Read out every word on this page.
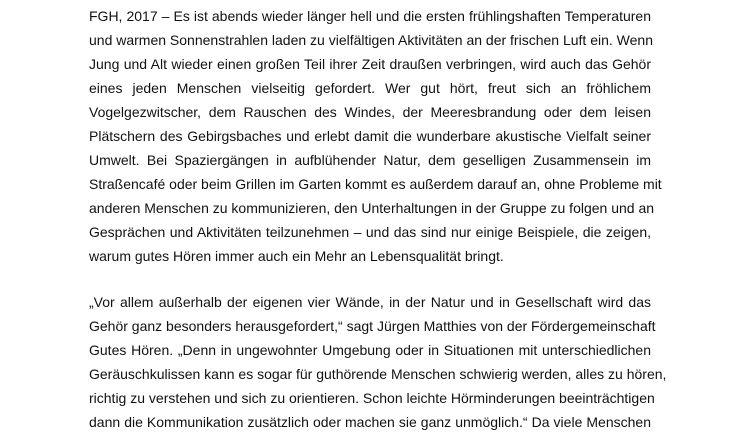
FGH, 2017 – Es ist abends wieder länger hell und die ersten frühlingshaften Temperaturen
und warmen Sonnenstrahlen laden zu vielfältigen Aktivitäten an der frischen Luft ein. Wenn
Jung und Alt wieder einen großen Teil ihrer Zeit draußen verbringen, wird auch das Gehör
eines jeden Menschen vielseitig gefordert. Wer gut hört, freut sich an fröhlichem
Vogelgezwitscher, dem Rauschen des Windes, der Meeresbrandung oder dem leisen
Plätschern des Gebirgsbaches und erlebt damit die wunderbare akustische Vielfalt seiner
Umwelt. Bei Spaziergängen in aufblühender Natur, dem geselligen Zusammensein im
Straßencafé oder beim Grillen im Garten kommt es außerdem darauf an, ohne Probleme mit
anderen Menschen zu kommunizieren, den Unterhaltungen in der Gruppe zu folgen und an
Gesprächen und Aktivitäten teilzunehmen – und das sind nur einige Beispiele, die zeigen,
warum gutes Hören immer auch ein Mehr an Lebensqualität bringt.
„Vor allem außerhalb der eigenen vier Wände, in der Natur und in Gesellschaft wird das
Gehör ganz besonders herausgefordert,“ sagt Jürgen Matthies von der Fördergemeinschaft
Gutes Hören. „Denn in ungewohnter Umgebung oder in Situationen mit unterschiedlichen
Geräuschkulissen kann es sogar für guthörende Menschen schwierig werden, alles zu hören,
richtig zu verstehen und sich zu orientieren. Schon leichte Hörminderungen beeinträchtigen
dann die Kommunikation zusätzlich oder machen sie ganz unmöglich.“ Da viele Menschen
